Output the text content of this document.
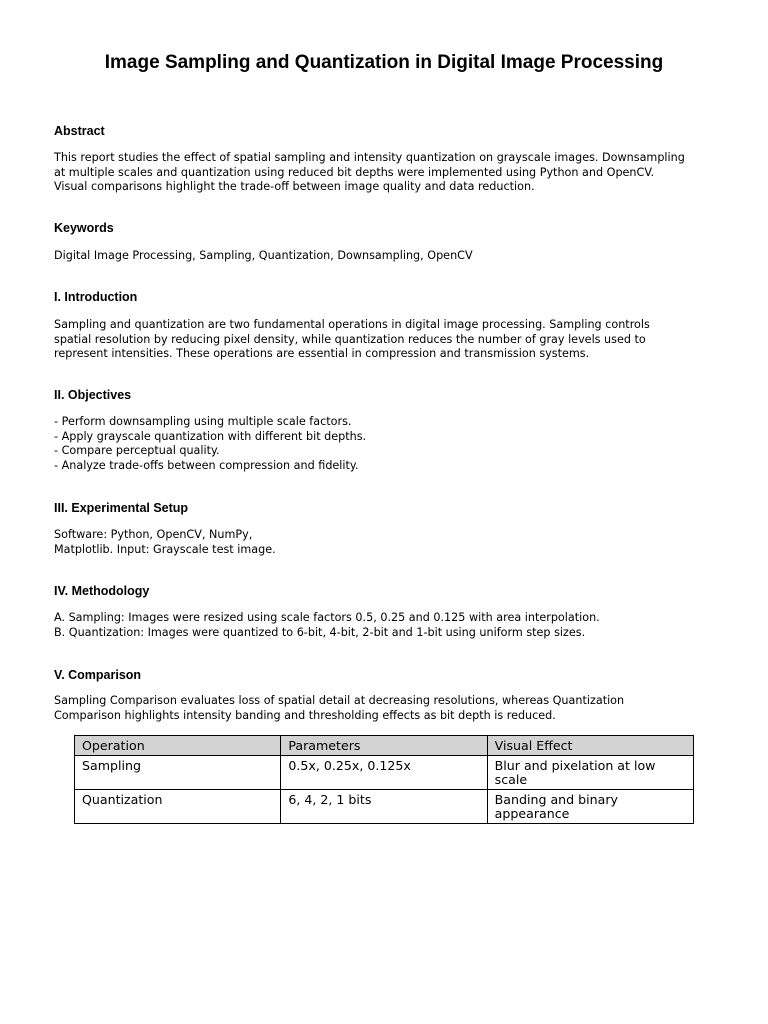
Image Sampling and Quantization in Digital Image Processing
Abstract

This report studies the effect of spatial sampling and intensity quantization on grayscale images. Downsampling
at multiple scales and quantization using reduced bit depths were implemented using Python and OpenCV.
Visual comparisons highlight the trade-off between image quality and data reduction.

Keywords

Digital Image Processing, Sampling, Quantization, Downsampling, OpenCV

I. Introduction

Sampling and quantization are two fundamental operations in digital image processing. Sampling controls
spatial resolution by reducing pixel density, while quantization reduces the number of gray levels used to
represent intensities. These operations are essential in compression and transmission systems.

II. Objectives

- Perform downsampling using multiple scale factors.
- Apply grayscale quantization with different bit depths.
- Compare perceptual quality.
- Analyze trade-offs between compression and fidelity.

III. Experimental Setup

Software: Python, OpenCV, NumPy,
Matplotlib. Input: Grayscale test image.

IV. Methodology

A. Sampling: Images were resized using scale factors 0.5, 0.25 and 0.125 with area interpolation.
B. Quantization: Images were quantized to 6-bit, 4-bit, 2-bit and 1-bit using uniform step sizes.

V. Comparison

Sampling Comparison evaluates loss of spatial detail at decreasing resolutions, whereas Quantization
Comparison highlights intensity banding and thresholding effects as bit depth is reduced.

Operation	Parameters	Visual Effect
Sampling	0.5x, 0.25x, 0.125x	Blur and pixelation at low scale
Quantization	6, 4, 2, 1 bits	Banding and binary appearance
